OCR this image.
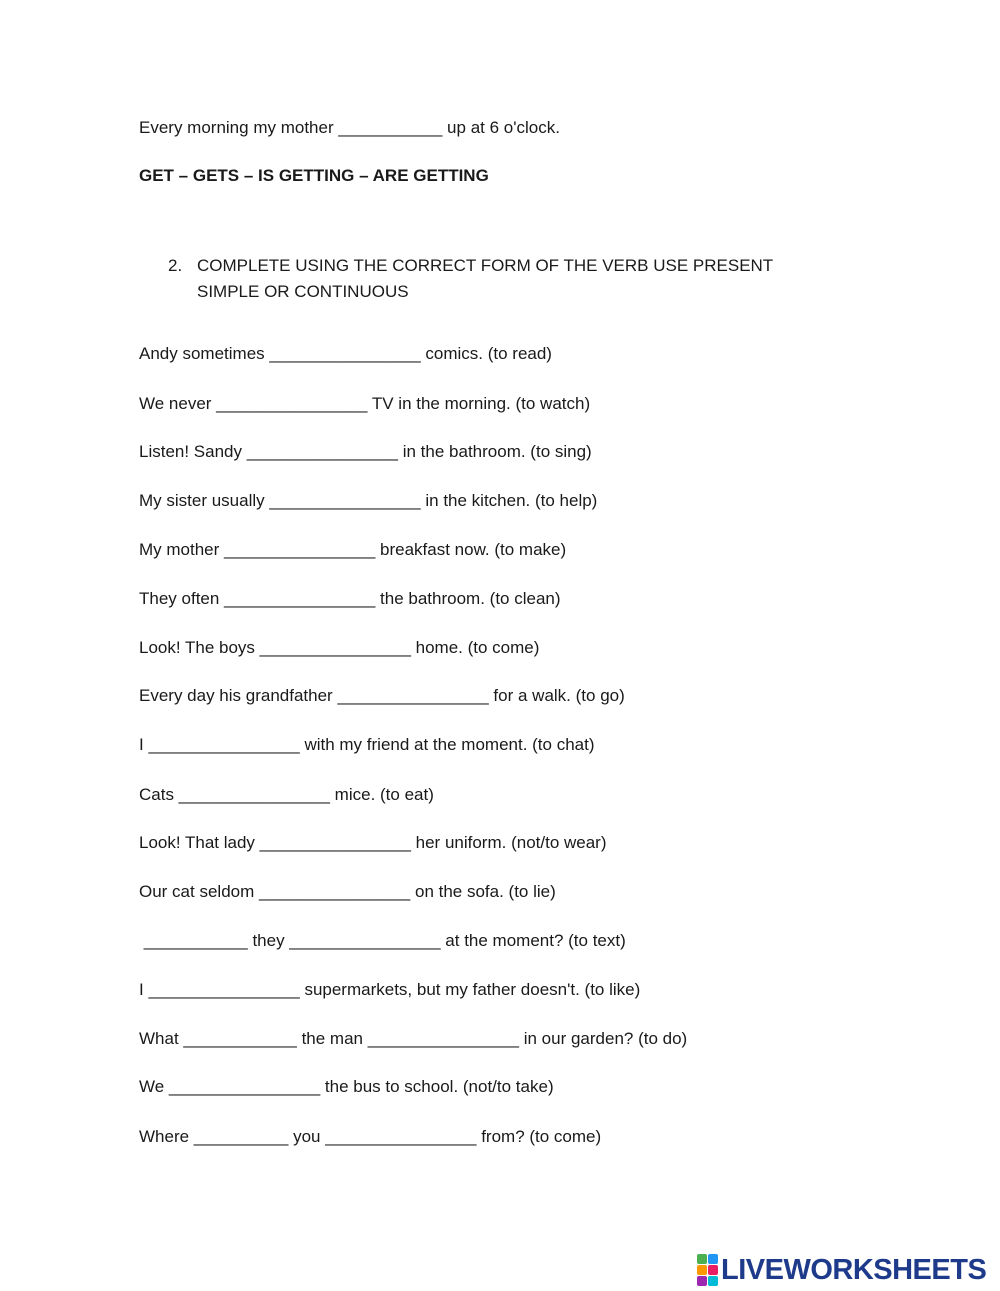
Every morning my mother ___________ up at 6 o'clock.
GET – GETS – IS GETTING – ARE GETTING
2. COMPLETE USING THE CORRECT FORM OF THE VERB USE PRESENT SIMPLE OR CONTINUOUS
Andy sometimes ________________ comics. (to read)
We never ________________ TV in the morning. (to watch)
Listen! Sandy ________________ in the bathroom. (to sing)
My sister usually ________________ in the kitchen. (to help)
My mother ________________ breakfast now. (to make)
They often ________________ the bathroom. (to clean)
Look! The boys ________________ home. (to come)
Every day his grandfather ________________ for a walk. (to go)
I ________________ with my friend at the moment. (to chat)
Cats ________________ mice. (to eat)
Look! That lady ________________ her uniform. (not/to wear)
Our cat seldom ________________ on the sofa. (to lie)
___________ they ________________ at the moment? (to text)
I ________________ supermarkets, but my father doesn't. (to like)
What ____________ the man ________________ in our garden? (to do)
We ________________ the bus to school. (not/to take)
Where __________ you ________________ from? (to come)
LIVEWORKSHEETS
